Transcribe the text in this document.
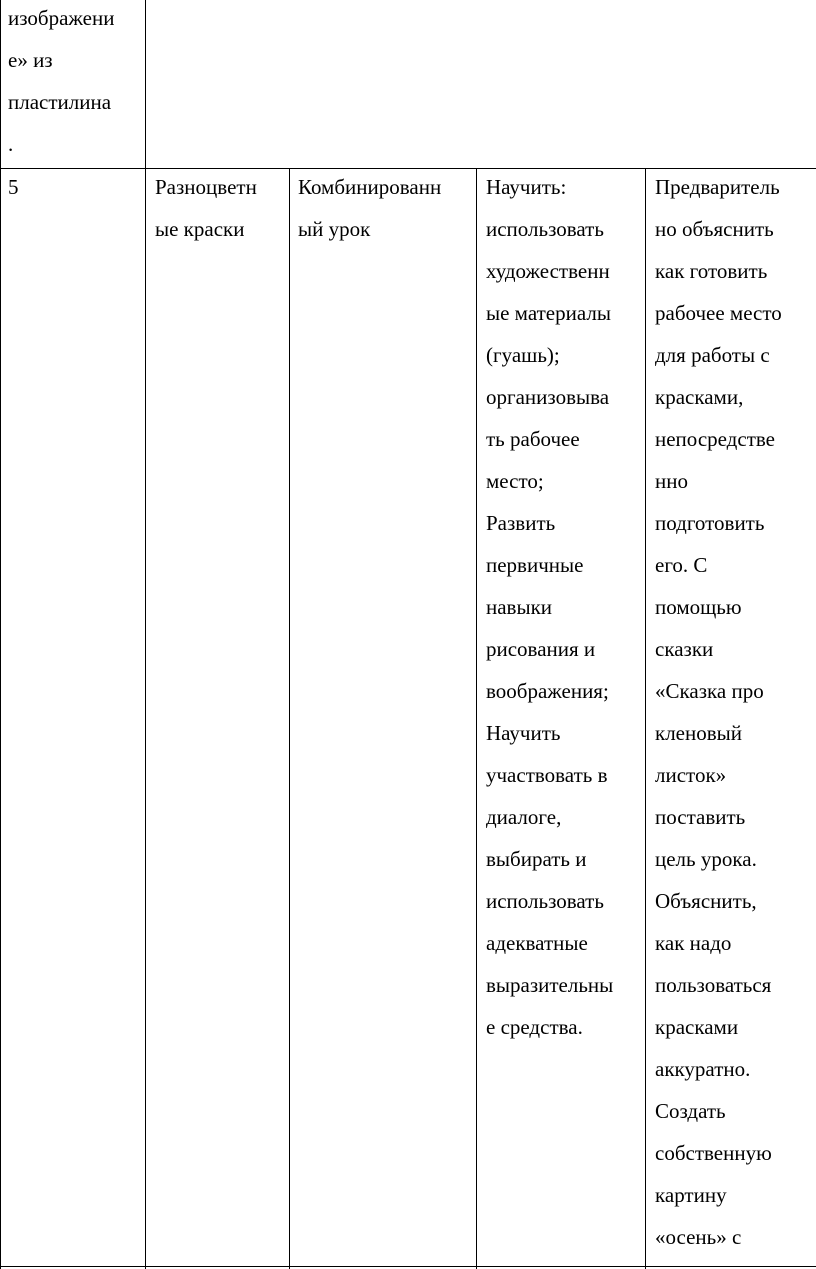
изображени
е» из
пластилина
.
5	Разноцветн
ые краски
Комбинированн
ый урок
Научить:
использовать
художественн
ые материалы
(гуашь);
организовыва
ть рабочее
место;
Развить
первичные
навыки
рисования и
воображения;
Научить
участвовать в
диалоге,
выбирать и
использовать
адекватные
выразительны
е средства.
Предваритель
но объяснить
как готовить
рабочее место
для работы с
красками,
непосредстве
нно
подготовить
его. С
помощью
сказки
«Сказка про
кленовый
листок»
поставить
цель урока.
Объяснить,
как надо
пользоваться
красками
аккуратно.
Создать
собственную
картину
«осень» с
